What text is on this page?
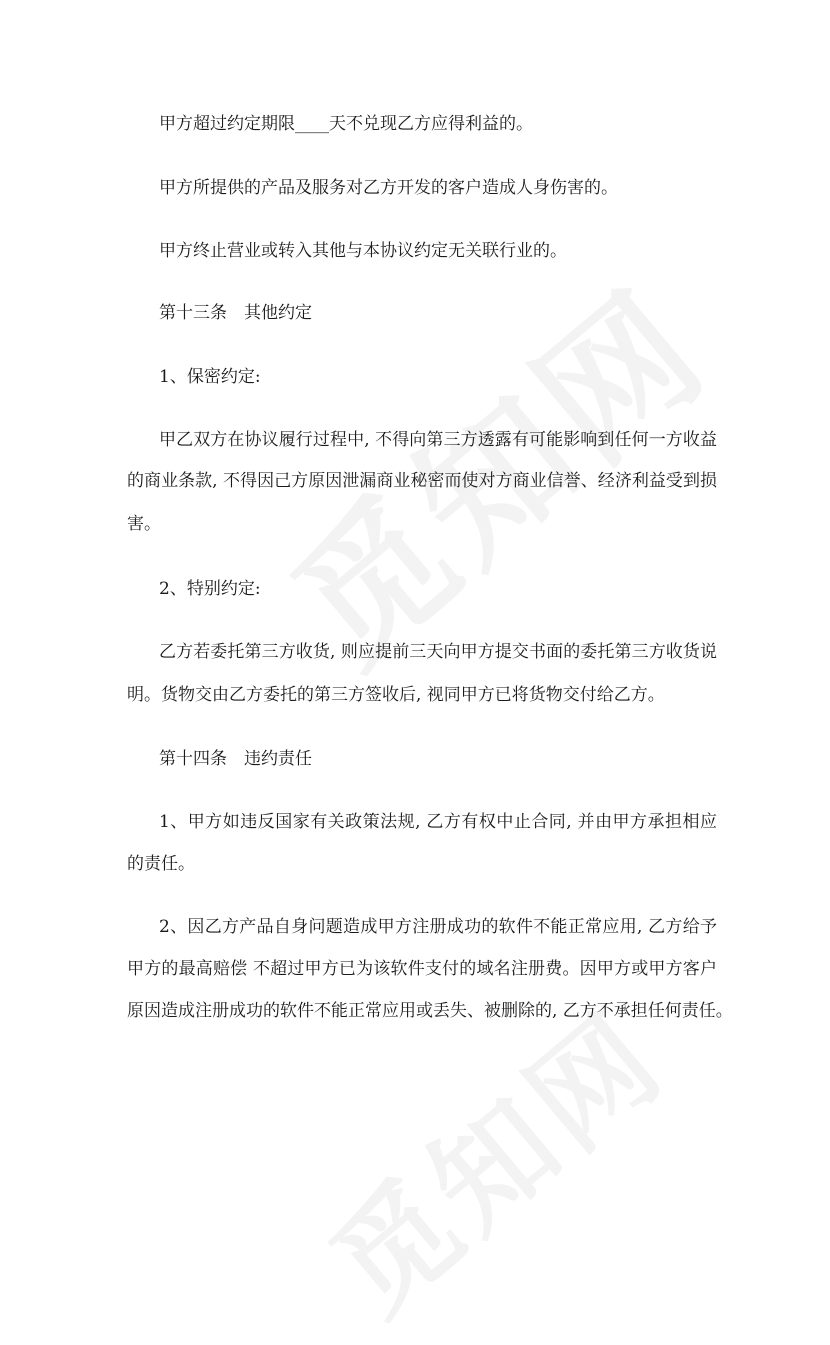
甲方超过约定期限____天不兑现乙方应得利益的。
甲方所提供的产品及服务对乙方开发的客户造成人身伤害的。
甲方终止营业或转入其他与本协议约定无关联行业的。
第十三条　其他约定
1、保密约定:
甲乙双方在协议履行过程中, 不得向第三方透露有可能影响到任何一方收益
的商业条款, 不得因己方原因泄漏商业秘密而使对方商业信誉、经济利益受到损
害。
2、特别约定:
乙方若委托第三方收货, 则应提前三天向甲方提交书面的委托第三方收货说
明。货物交由乙方委托的第三方签收后, 视同甲方已将货物交付给乙方。
第十四条　违约责任
1、甲方如违反国家有关政策法规, 乙方有权中止合同, 并由甲方承担相应
的责任。
2、因乙方产品自身问题造成甲方注册成功的软件不能正常应用, 乙方给予
甲方的最高赔偿 不超过甲方已为该软件支付的域名注册费。因甲方或甲方客户
原因造成注册成功的软件不能正常应用或丢失、被删除的, 乙方不承担任何责任。
